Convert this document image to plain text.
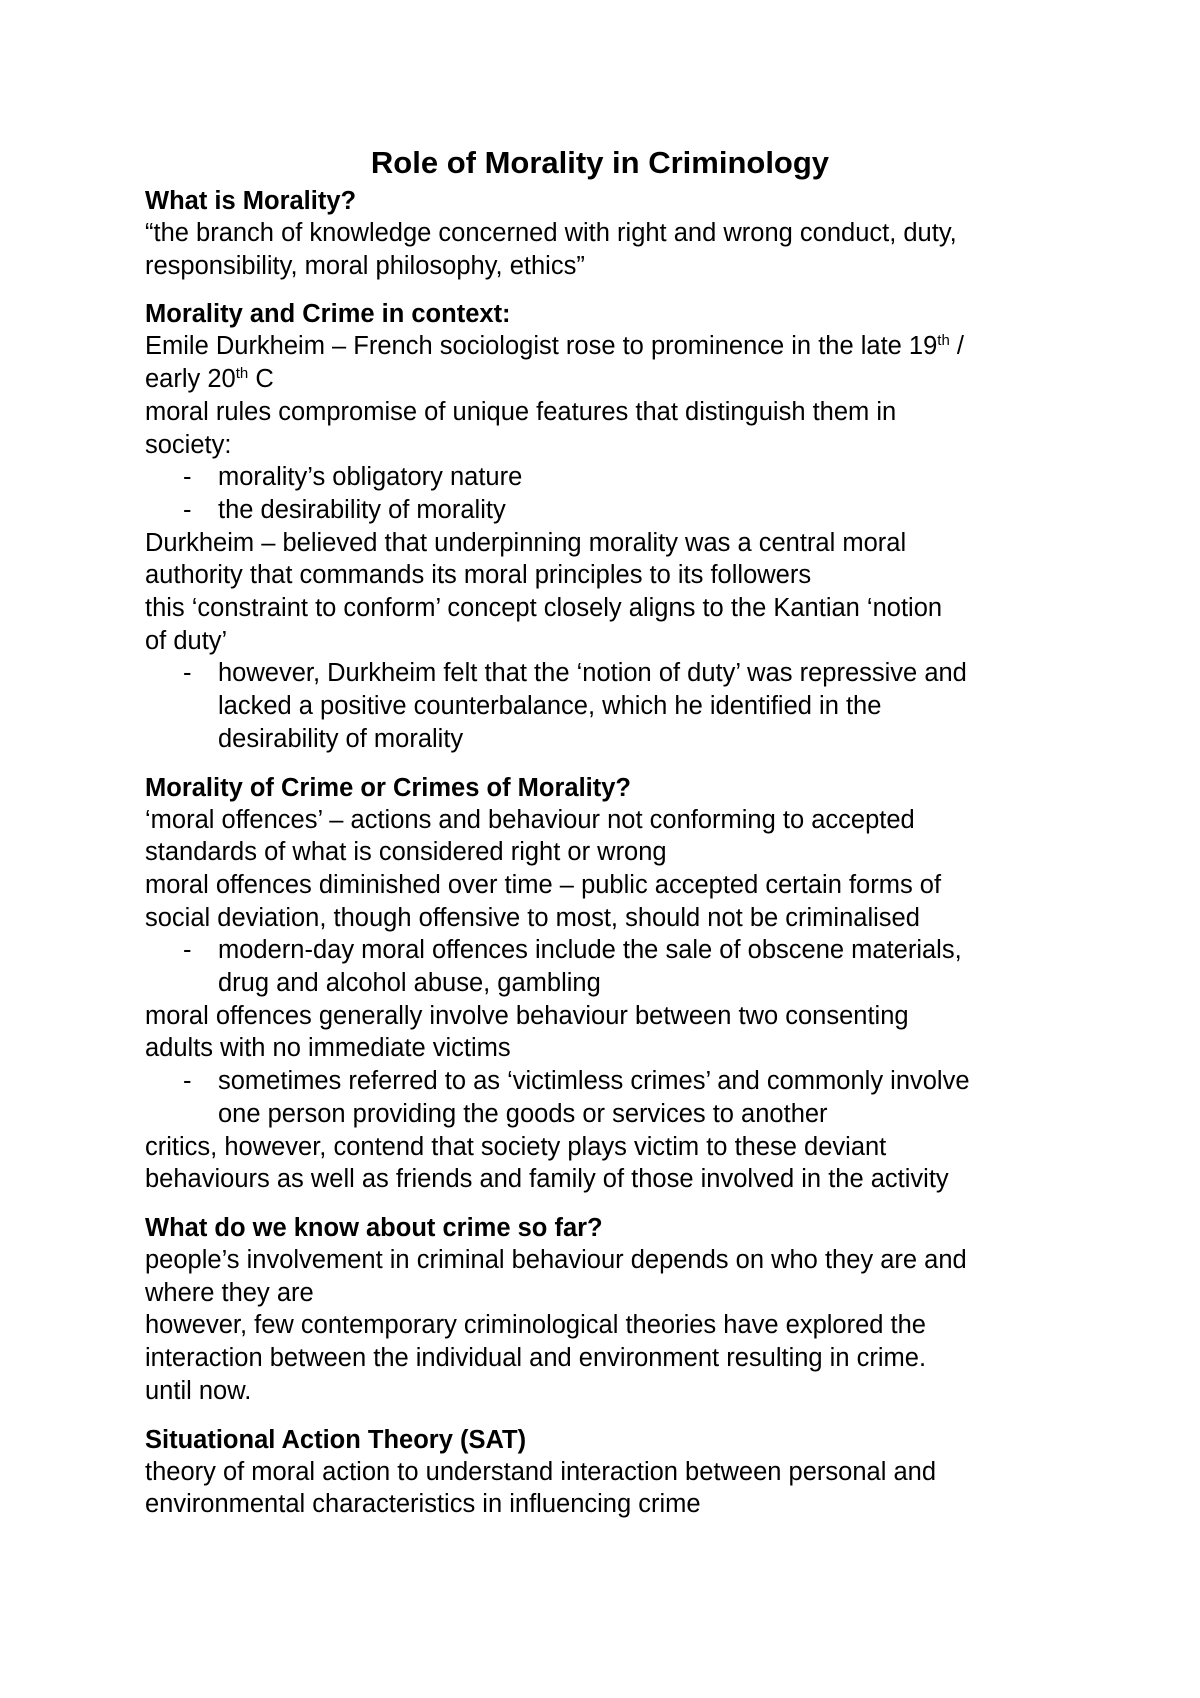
Role of Morality in Criminology
What is Morality?
“the branch of knowledge concerned with right and wrong conduct, duty,
responsibility, moral philosophy, ethics”
Morality and Crime in context:
Emile Durkheim – French sociologist rose to prominence in the late 19th /
early 20th C
moral rules compromise of unique features that distinguish them in
society:
- morality’s obligatory nature
- the desirability of morality
Durkheim – believed that underpinning morality was a central moral
authority that commands its moral principles to its followers
this ‘constraint to conform’ concept closely aligns to the Kantian ‘notion
of duty’
- however, Durkheim felt that the ‘notion of duty’ was repressive and
lacked a positive counterbalance, which he identified in the
desirability of morality
Morality of Crime or Crimes of Morality?
‘moral offences’ – actions and behaviour not conforming to accepted
standards of what is considered right or wrong
moral offences diminished over time – public accepted certain forms of
social deviation, though offensive to most, should not be criminalised
- modern-day moral offences include the sale of obscene materials,
drug and alcohol abuse, gambling
moral offences generally involve behaviour between two consenting
adults with no immediate victims
- sometimes referred to as ‘victimless crimes’ and commonly involve
one person providing the goods or services to another
critics, however, contend that society plays victim to these deviant
behaviours as well as friends and family of those involved in the activity
What do we know about crime so far?
people’s involvement in criminal behaviour depends on who they are and
where they are
however, few contemporary criminological theories have explored the
interaction between the individual and environment resulting in crime.
until now.
Situational Action Theory (SAT)
theory of moral action to understand interaction between personal and
environmental characteristics in influencing crime
